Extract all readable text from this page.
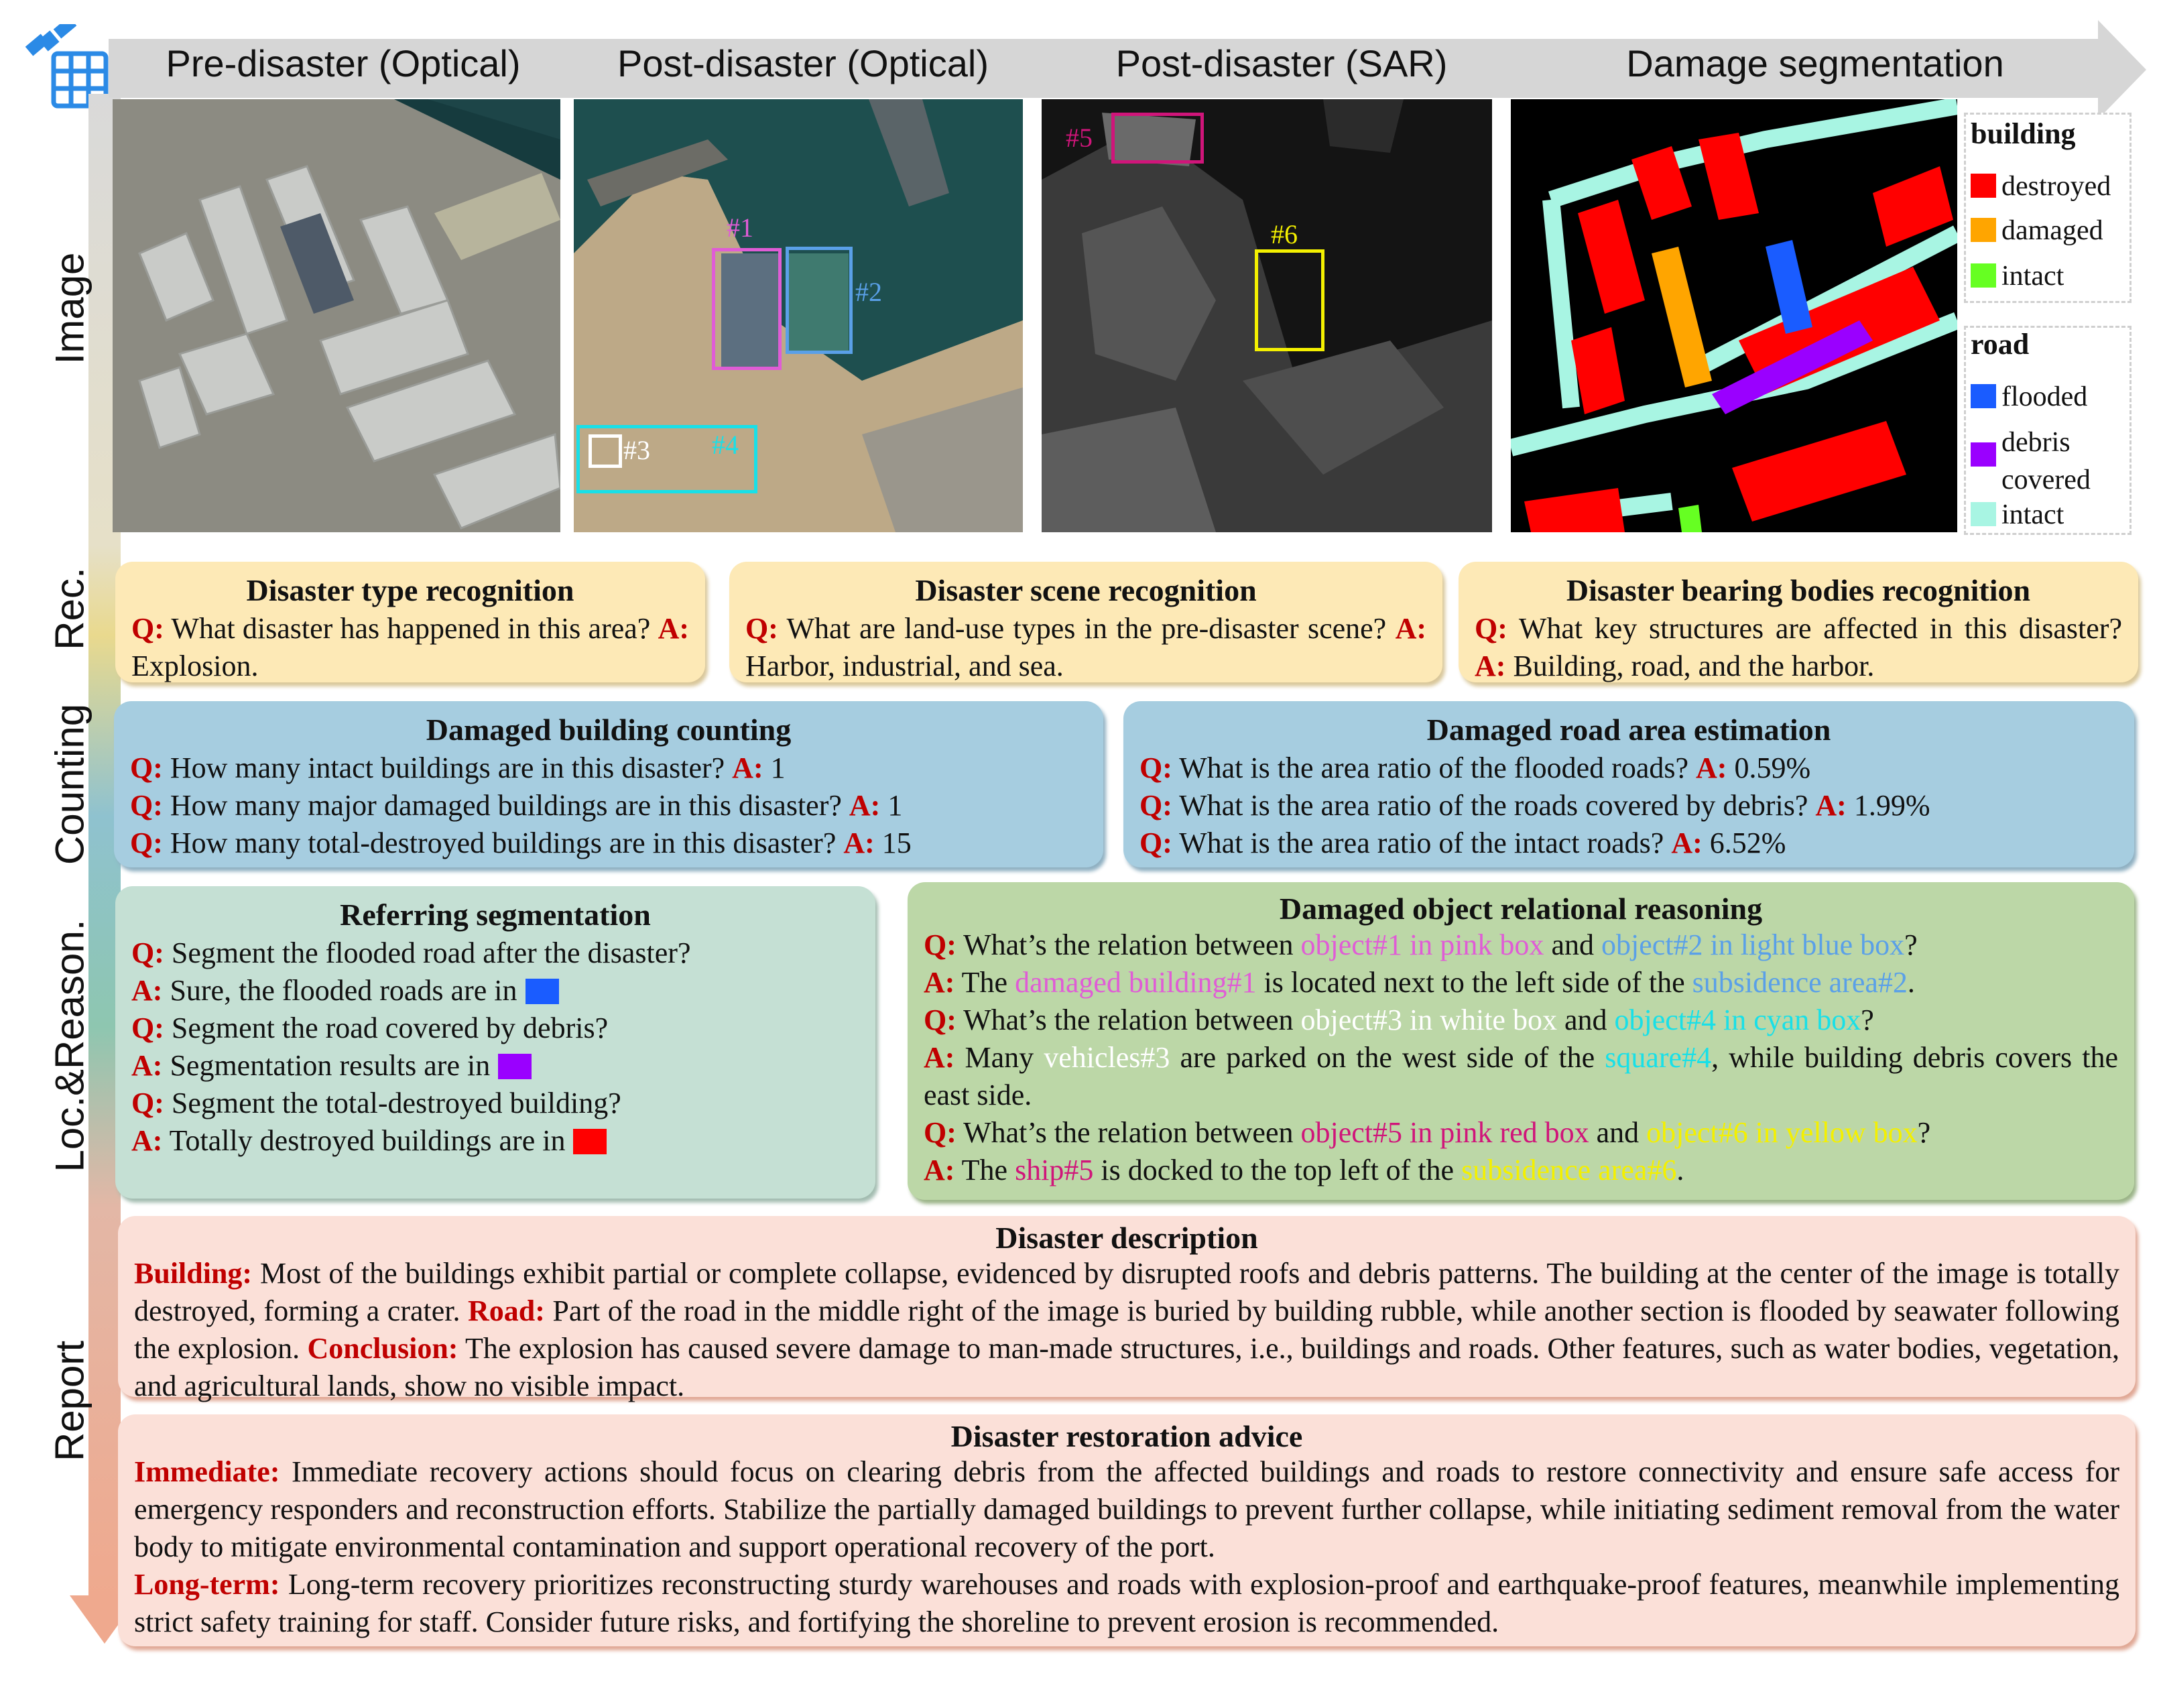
Image
Rec.
Counting
Loc.&Reason.
Report
Pre-disaster (Optical)	Post-disaster (Optical)	Post-disaster (SAR)	Damage segmentation
#1
#2
#3 #4
#5
#6
building
destroyed
damaged
intact
road
flooded
debris
covered
intact
Disaster type recognition

Q: What disaster has happened in this area? A: Explosion.

Disaster scene recognition

Q: What are land-use types in the pre-disaster scene? A: Harbor, industrial, and sea.

Disaster bearing bodies recognition

Q: What key structures are affected in this disaster? A: Building, road, and the harbor.

Damaged building counting

Q: How many intact buildings are in this disaster? A: 1

Q: How many major damaged buildings are in this disaster? A: 1

Q: How many total-destroyed buildings are in this disaster? A: 15

Damaged road area estimation

Q: What is the area ratio of the flooded roads? A: 0.59%

Q: What is the area ratio of the roads covered by debris? A: 1.99%

Q: What is the area ratio of the intact roads? A: 6.52%

Referring segmentation

Q: Segment the flooded road after the disaster?

A: Sure, the flooded roads are in

Q: Segment the road covered by debris?

A: Segmentation results are in

Q: Segment the total-destroyed building?

A: Totally destroyed buildings are in

Damaged object relational reasoning

Q: What’s the relation between object#1 in pink box and object#2 in light blue box?

A: The damaged building#1 is located next to the left side of the subsidence area#2.

Q: What’s the relation between object#3 in white box and object#4 in cyan box?

A: Many vehicles#3 are parked on the west side of the square#4, while building debris covers the east side.

Q: What’s the relation between object#5 in pink red box and object#6 in yellow box?

A: The ship#5 is docked to the top left of the subsidence area#6.

Disaster description

Building: Most of the buildings exhibit partial or complete collapse, evidenced by disrupted roofs and debris patterns. The building at the center of the image is totally destroyed, forming a crater. Road: Part of the road in the middle right of the image is buried by building rubble, while another section is flooded by seawater following the explosion. Conclusion: The explosion has caused severe damage to man-made structures, i.e., buildings and roads. Other features, such as water bodies, vegetation, and agricultural lands, show no visible impact.

Disaster restoration advice

Immediate: Immediate recovery actions should focus on clearing debris from the affected buildings and roads to restore connectivity and ensure safe access for emergency responders and reconstruction efforts. Stabilize the partially damaged buildings to prevent further collapse, while initiating sediment removal from the water body to mitigate environmental contamination and support operational recovery of the port.

Long-term: Long-term recovery prioritizes reconstructing sturdy warehouses and roads with explosion-proof and earthquake-proof features, meanwhile implementing strict safety training for staff. Consider future risks, and fortifying the shoreline to prevent erosion is recommended.
